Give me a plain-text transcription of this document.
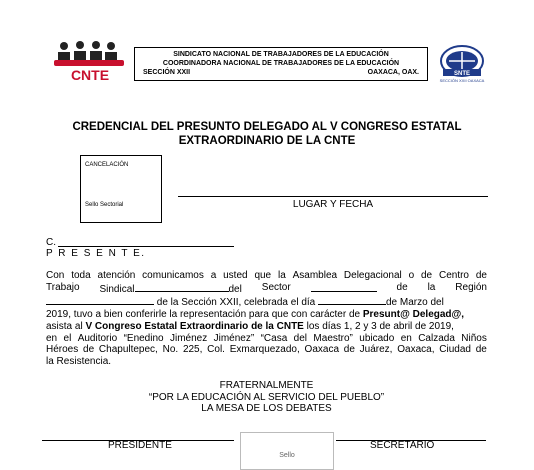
CNTE
SINDICATO NACIONAL DE TRABAJADORES DE LA EDUCACIÓN
COORDINADORA NACIONAL DE TRABAJADORES DE LA EDUCACIÓN
SECCIÓN XXII	OAXACA, OAX.	SNTE
SECCIÓN XXII OAXACA
CREDENCIAL DEL PRESUNTO DELEGADO AL V CONGRESO ESTATAL
EXTRAORDINARIO DE LA CNTE
CANCELACIÓN
Sello Sectorial	LUGAR Y FECHA
C.
P R E S E N T E.

Con toda atención comunicamos a usted que la Asamblea Delegacional o de Centro de

Trabajo Sindical	del Sector	de la Región

de la Sección XXII, celebrada el día	de Marzo del

2019, tuvo a bien conferirle la representación para que con carácter de Presunt@ Delegad@,

asista al V Congreso Estatal Extraordinario de la CNTE los días 1, 2 y 3 de abril de 2019,

en el Auditorio “Enedino Jiménez Jiménez” “Casa del Maestro” ubicado en Calzada Niños

Héroes de Chapultepec, No. 225, Col. Exmarquezado, Oaxaca de Juárez, Oaxaca, Ciudad de

la Resistencia.

FRATERNALMENTE
“POR LA EDUCACIÓN AL SERVICIO DEL PUEBLO”
LA MESA DE LOS DEBATES
PRESIDENTE	SECRETARIO
Sello
